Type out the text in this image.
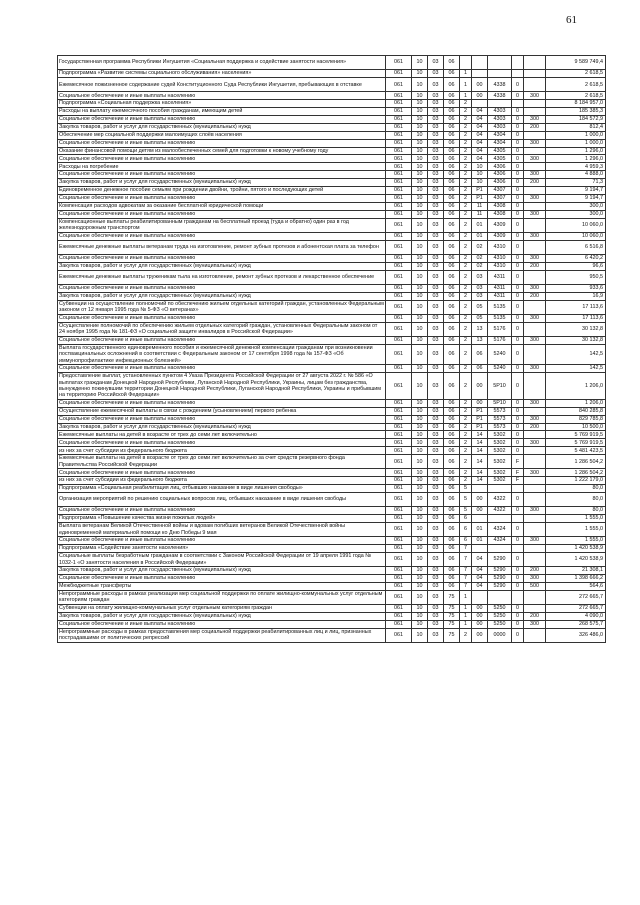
61
Государственная программа Республики Ингушетия «Социальная поддержка и содействие занятости населения»	061	10	03	06						9 589 749,4
Подпрограмма «Развитие системы социального обслуживания» населения»	061	10	03	06	1					2 618,5
Ежемесячное пожизненное содержание судей Конституционного Суда Республики Ингушетия, пребывающих в отставке	061	10	03	06	1	00	4338	0		2 618,5
Социальное обеспечение и иные выплаты населению	061	10	03	06	1	00	4338	0	300	2 618,5
Подпрограмма «Социальная поддержка населения»	061	10	03	06	2					8 184 957,0
Расходы на выплату ежемесячного пособия гражданам, имеющим детей	061	10	03	06	2	04	4303	0		185 385,3
Социальное обеспечение и иные выплаты населению	061	10	03	06	2	04	4303	0	300	184 572,9
Закупка товаров, работ и услуг для государственных (муниципальных) нужд	061	10	03	06	2	04	4303	0	200	812,4
Обеспечение мер социальной поддержки малоимущих слоёв населения	061	10	03	06	2	04	4304	0		1 000,0
Социальное обеспечение и иные выплаты населению	061	10	03	06	2	04	4304	0	300	1 000,0
Оказание финансовой помощи детям из малообеспеченных семей для подготовки к новому учебному году	061	10	03	06	2	04	4305	0		1 296,0
Социальное обеспечение и иные выплаты населению	061	10	03	06	2	04	4305	0	300	1 296,0
Расходы на погребение	061	10	03	06	2	10	4306	0		4 959,3
Социальное обеспечение и иные выплаты населению	061	10	03	06	2	10	4306	0	300	4 888,0
Закупка товаров, работ и услуг для государственных (муниципальных) нужд	061	10	03	06	2	10	4306	0	200	71,3
Единовременное денежное пособие семьям при рождении двойни, тройни, пятого и последующих детей	061	10	03	06	2	Р1	4307	0		9 194,7
Социальное обеспечение и иные выплаты населению	061	10	03	06	2	Р1	4307	0	300	9 194,7
Компенсация расходов адвокатам за оказание бесплатной юридической помощи	061	10	03	06	2	11	4308	0		300,0
Социальное обеспечение и иные выплаты населению	061	10	03	06	2	11	4308	0	300	300,0
Компенсационные выплаты реабилитированным гражданам на бесплатный проезд (туда и обратно) один раз в год железнодорожным транспортом	061	10	03	06	2	01	4309	0		10 060,0
Социальное обеспечение и иные выплаты населению	061	10	03	06	2	01	4309	0	300	10 060,0
Ежемесячные денежные выплаты ветеранам труда на изготовление, ремонт зубных протезов и абонентская плата за телефон	061	10	03	06	2	02	4310	0		6 516,8
Социальное обеспечение и иные выплаты населению	061	10	03	06	2	02	4310	0	300	6 420,2
Закупка товаров, работ и услуг для государственных (муниципальных) нужд	061	10	03	06	2	02	4310	0	200	96,6
Ежемесячные денежные выплаты труженикам тыла на изготовление, ремонт зубных протезов и лекарственное обеспечение	061	10	03	06	2	03	4311	0		950,5
Социальное обеспечение и иные выплаты населению	061	10	03	06	2	03	4311	0	300	933,6
Закупка товаров, работ и услуг для государственных (муниципальных) нужд	061	10	03	06	2	03	4311	0	200	16,9
Субвенции на осуществление полномочий по обеспечению жильем отдельных категорий граждан, установленных Федеральным законом от 12 января 1995 года № 5-ФЗ «О ветеранах»	061	10	03	06	2	05	5135	0		17 113,6
Социальное обеспечение и иные выплаты населению	061	10	03	06	2	05	5135	0	300	17 113,6
Осуществление полномочий по обеспечению жильем отдельных категорий граждан, установленных Федеральным законом от 24 ноября 1995 года № 181-ФЗ «О социальной защите инвалидов в Российской Федерации»	061	10	03	06	2	13	5176	0		30 132,8
Социальное обеспечение и иные выплаты населению	061	10	03	06	2	13	5176	0	300	30 132,8
Выплата государственного единовременного пособия и ежемесячной денежной компенсации гражданам при возникновении поствакцинальных осложнений в соответствии с Федеральным законом от 17 сентября 1998 года № 157-ФЗ «Об иммунопрофилактике инфекционных болезней»	061	10	03	06	2	06	5240	0		142,5
Социальное обеспечение и иные выплаты населению	061	10	03	06	2	06	5240	0	300	142,5
Предоставление выплат, установленных пунктом 4 Указа Президента Российской Федерации от 27 августа 2022 г. № 586 «О выплатах гражданам Донецкой Народной Республики, Луганской Народной Республики, Украины, лицам без гражданства, вынужденно покинувшим территории Донецкой Народной Республики, Луганской Народной Республики, Украины и прибывшим на территорию Российской Федерации»	061	10	03	06	2	00	5Р10	0		1 206,0
Социальное обеспечение и иные выплаты населению	061	10	03	06	2	00	5Р10	0	300	1 206,0
Осуществление ежемесячной выплаты в связи с рождением (усыновлением) первого ребенка	061	10	03	06	2	Р1	5573	0		840 285,8
Социальное обеспечение и иные выплаты населению	061	10	03	06	2	Р1	5573	0	300	829 785,8
Закупка товаров, работ и услуг для государственных (муниципальных) нужд	061	10	03	06	2	Р1	5573	0	200	10 500,0
Ежемесячные выплаты на детей в возрасте от трех до семи лет включительно	061	10	03	06	2	14	5302	0		5 769 919,5
Социальное обеспечение и иные выплаты населению	061	10	03	06	2	14	5302	0	300	5 769 919,5
из них за счет субсидии из федерального бюджета	061	10	03	06	2	14	5302	0		5 481 423,5
Ежемесячные выплаты на детей в возрасте от трех до семи лет включительно за счет средств резервного фонда Правительства Российской Федерации	061	10	03	06	2	14	5302	F		1 286 504,2
Социальное обеспечение и иные выплаты населению	061	10	03	06	2	14	5302	F	300	1 286 504,2
из них за счет субсидии из федерального бюджета	061	10	03	06	2	14	5302	F		1 222 179,0
Подпрограмма «Социальная реабилитация лиц, отбывших наказание в виде лишения свободы»	061	10	03	06	5					80,0
Организация мероприятий по решению социальных вопросов лиц, отбывших наказание в виде лишения свободы	061	10	03	06	5	00	4322	0		80,0
Социальное обеспечение и иные выплаты населению	061	10	03	06	5	00	4322	0	300	80,0
Подпрограмма «Повышение качества жизни пожилых людей»	061	10	03	06	6					1 555,0
Выплата ветеранам Великой Отечественной войны и вдовам погибших ветеранов Великой Отечественной войны единовременной материальной помощи ко Дню Победы 9 мая	061	10	03	06	6	01	4324	0		1 555,0
Социальное обеспечение и иные выплаты населению	061	10	03	06	6	01	4324	0	300	1 555,0
Подпрограмма «Содействие занятости населения»	061	10	03	06	7					1 420 538,9
Социальные выплаты безработным гражданам в соответствии с Законом Российской Федерации от 19 апреля 1991 года № 1032-1 «О занятости населения в Российской Федерации»	061	10	03	06	7	04	5290	0		1 420 538,9
Закупка товаров, работ и услуг для государственных (муниципальных) нужд	061	10	03	06	7	04	5290	0	200	21 308,1
Социальное обеспечение и иные выплаты населению	061	10	03	06	7	04	5290	0	300	1 398 666,2
Межбюджетные трансферты	061	10	03	06	7	04	5290	0	500	564,6
Непрограммные расходы в рамках реализации мер социальной поддержки по оплате жилищно-коммунальных услуг отдельным категориям граждан	061	10	03	75	1					272 665,7
Субвенции на оплату жилищно-коммунальных услуг отдельным категориям граждан	061	10	03	75	1	00	5250	0		272 665,7
Закупка товаров, работ и услуг для государственных (муниципальных) нужд	061	10	03	75	1	00	5250	0	200	4 090,0
Социальное обеспечение и иные выплаты населению	061	10	03	75	1	00	5250	0	300	268 575,7
Непрограммные расходы в рамках предоставления мер социальной поддержки реабилитированных лиц и лиц, признанных пострадавшими от политических репрессий	061	10	03	75	2	00	0000	0		326 486,0
